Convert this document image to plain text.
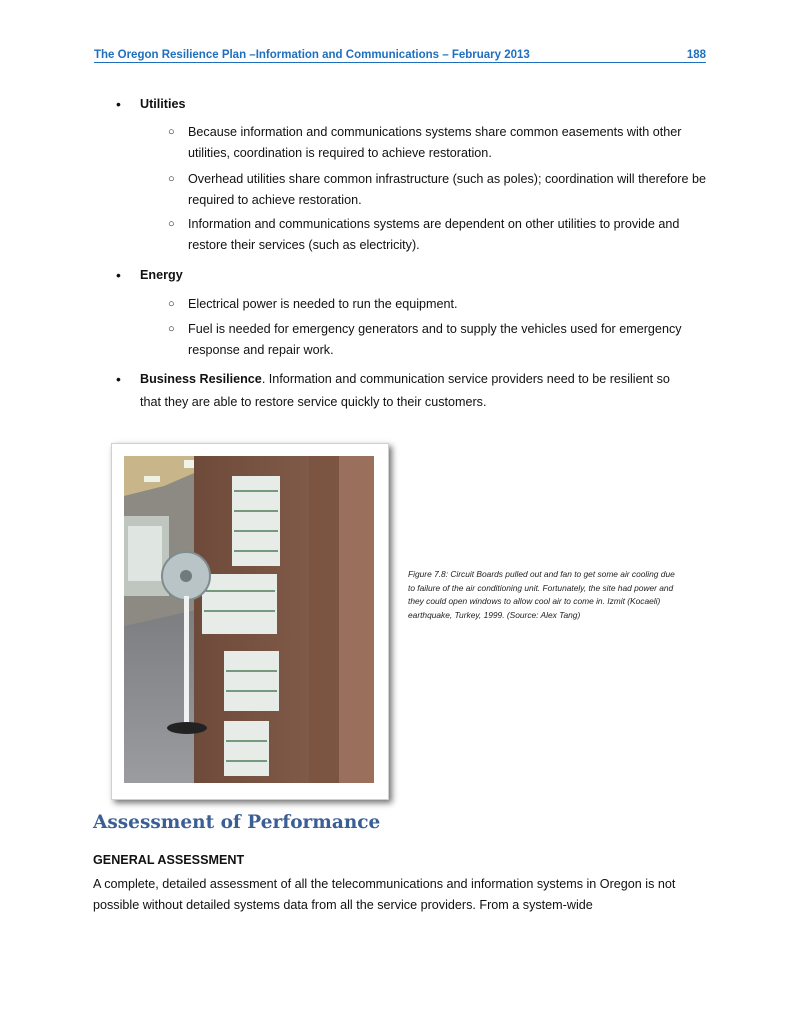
The Oregon Resilience Plan –Information and Communications – February 2013	188
• Utilities
○ Because information and communications systems share common easements with other utilities, coordination is required to achieve restoration.
○ Overhead utilities share common infrastructure (such as poles); coordination will therefore be required to achieve restoration.
○ Information and communications systems are dependent on other utilities to provide and restore their services (such as electricity).
• Energy
○ Electrical power is needed to run the equipment.
○ Fuel is needed for emergency generators and to supply the vehicles used for emergency response and repair work.
• Business Resilience. Information and communication service providers need to be resilient so
that they are able to restore service quickly to their customers.
Figure 7.8: Circuit Boards pulled out and fan to get some air cooling due to failure of the air conditioning unit. Fortunately, the site had power and they could open windows to allow cool air to come in. Izmit (Kocaeli) earthquake, Turkey, 1999. (Source: Alex Tang)
Assessment of Performance
GENERAL ASSESSMENT
A complete, detailed assessment of all the telecommunications and information systems in Oregon is not possible without detailed systems data from all the service providers. From a system-wide
